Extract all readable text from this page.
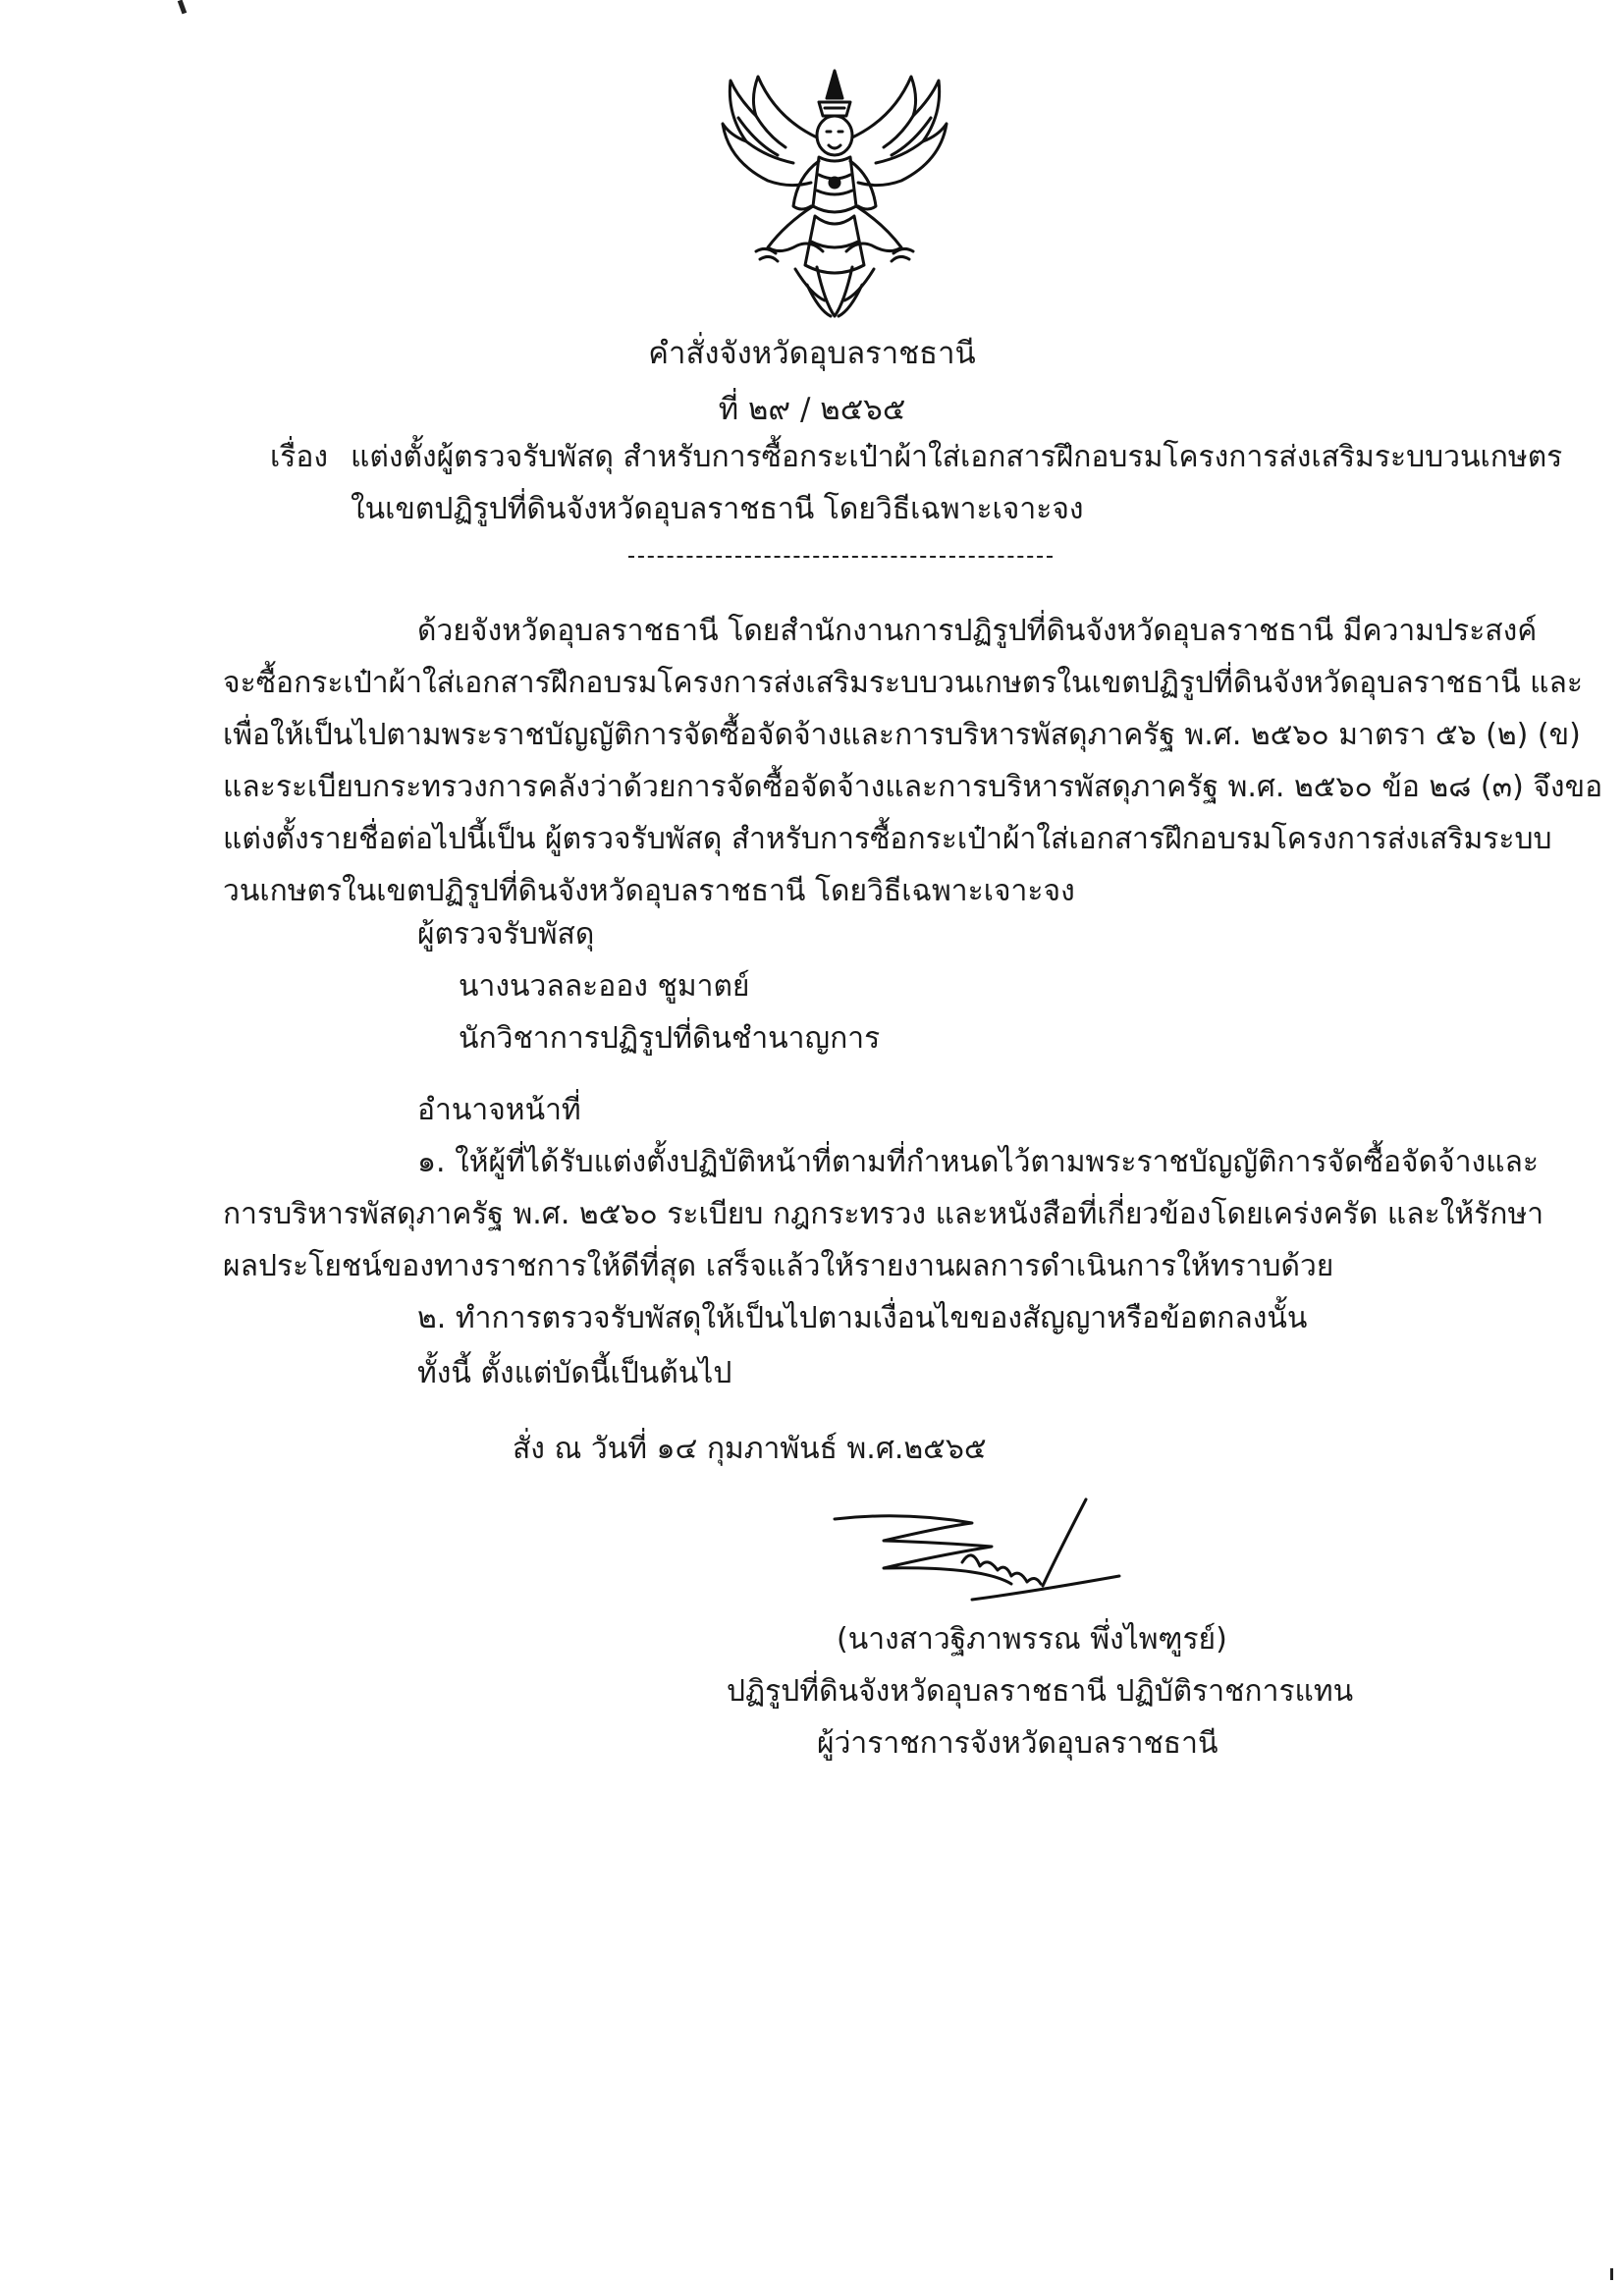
คำสั่งจังหวัดอุบลราชธานี
ที่ ๒๙ / ๒๕๖๕
เรื่อง แต่งตั้งผู้ตรวจรับพัสดุ สำหรับการซื้อกระเป๋าผ้าใส่เอกสารฝึกอบรมโครงการส่งเสริมระบบวนเกษตร
ในเขตปฏิรูปที่ดินจังหวัดอุบลราชธานี โดยวิธีเฉพาะเจาะจง
ด้วยจังหวัดอุบลราชธานี โดยสำนักงานการปฏิรูปที่ดินจังหวัดอุบลราชธานี มีความประสงค์
จะซื้อกระเป๋าผ้าใส่เอกสารฝึกอบรมโครงการส่งเสริมระบบวนเกษตรในเขตปฏิรูปที่ดินจังหวัดอุบลราชธานี และ
เพื่อให้เป็นไปตามพระราชบัญญัติการจัดซื้อจัดจ้างและการบริหารพัสดุภาครัฐ พ.ศ. ๒๕๖๐ มาตรา ๕๖ (๒) (ข)
และระเบียบกระทรวงการคลังว่าด้วยการจัดซื้อจัดจ้างและการบริหารพัสดุภาครัฐ พ.ศ. ๒๕๖๐ ข้อ ๒๘ (๓) จึงขอ
แต่งตั้งรายชื่อต่อไปนี้เป็น ผู้ตรวจรับพัสดุ สำหรับการซื้อกระเป๋าผ้าใส่เอกสารฝึกอบรมโครงการส่งเสริมระบบ
วนเกษตรในเขตปฏิรูปที่ดินจังหวัดอุบลราชธานี โดยวิธีเฉพาะเจาะจง
ผู้ตรวจรับพัสดุ
นางนวลละออง ชูมาตย์
นักวิชาการปฏิรูปที่ดินชำนาญการ
อำนาจหน้าที่
๑. ให้ผู้ที่ได้รับแต่งตั้งปฏิบัติหน้าที่ตามที่กำหนดไว้ตามพระราชบัญญัติการจัดซื้อจัดจ้างและ
การบริหารพัสดุภาครัฐ พ.ศ. ๒๕๖๐ ระเบียบ กฎกระทรวง และหนังสือที่เกี่ยวข้องโดยเคร่งครัด และให้รักษา
ผลประโยชน์ของทางราชการให้ดีที่สุด เสร็จแล้วให้รายงานผลการดำเนินการให้ทราบด้วย
๒. ทำการตรวจรับพัสดุให้เป็นไปตามเงื่อนไขของสัญญาหรือข้อตกลงนั้น
ทั้งนี้ ตั้งแต่บัดนี้เป็นต้นไป
สั่ง ณ วันที่ ๑๔ กุมภาพันธ์ พ.ศ.๒๕๖๕
(นางสาวฐิภาพรรณ พึ่งไพฑูรย์)
ปฏิรูปที่ดินจังหวัดอุบลราชธานี ปฏิบัติราชการแทน
ผู้ว่าราชการจังหวัดอุบลราชธานี
